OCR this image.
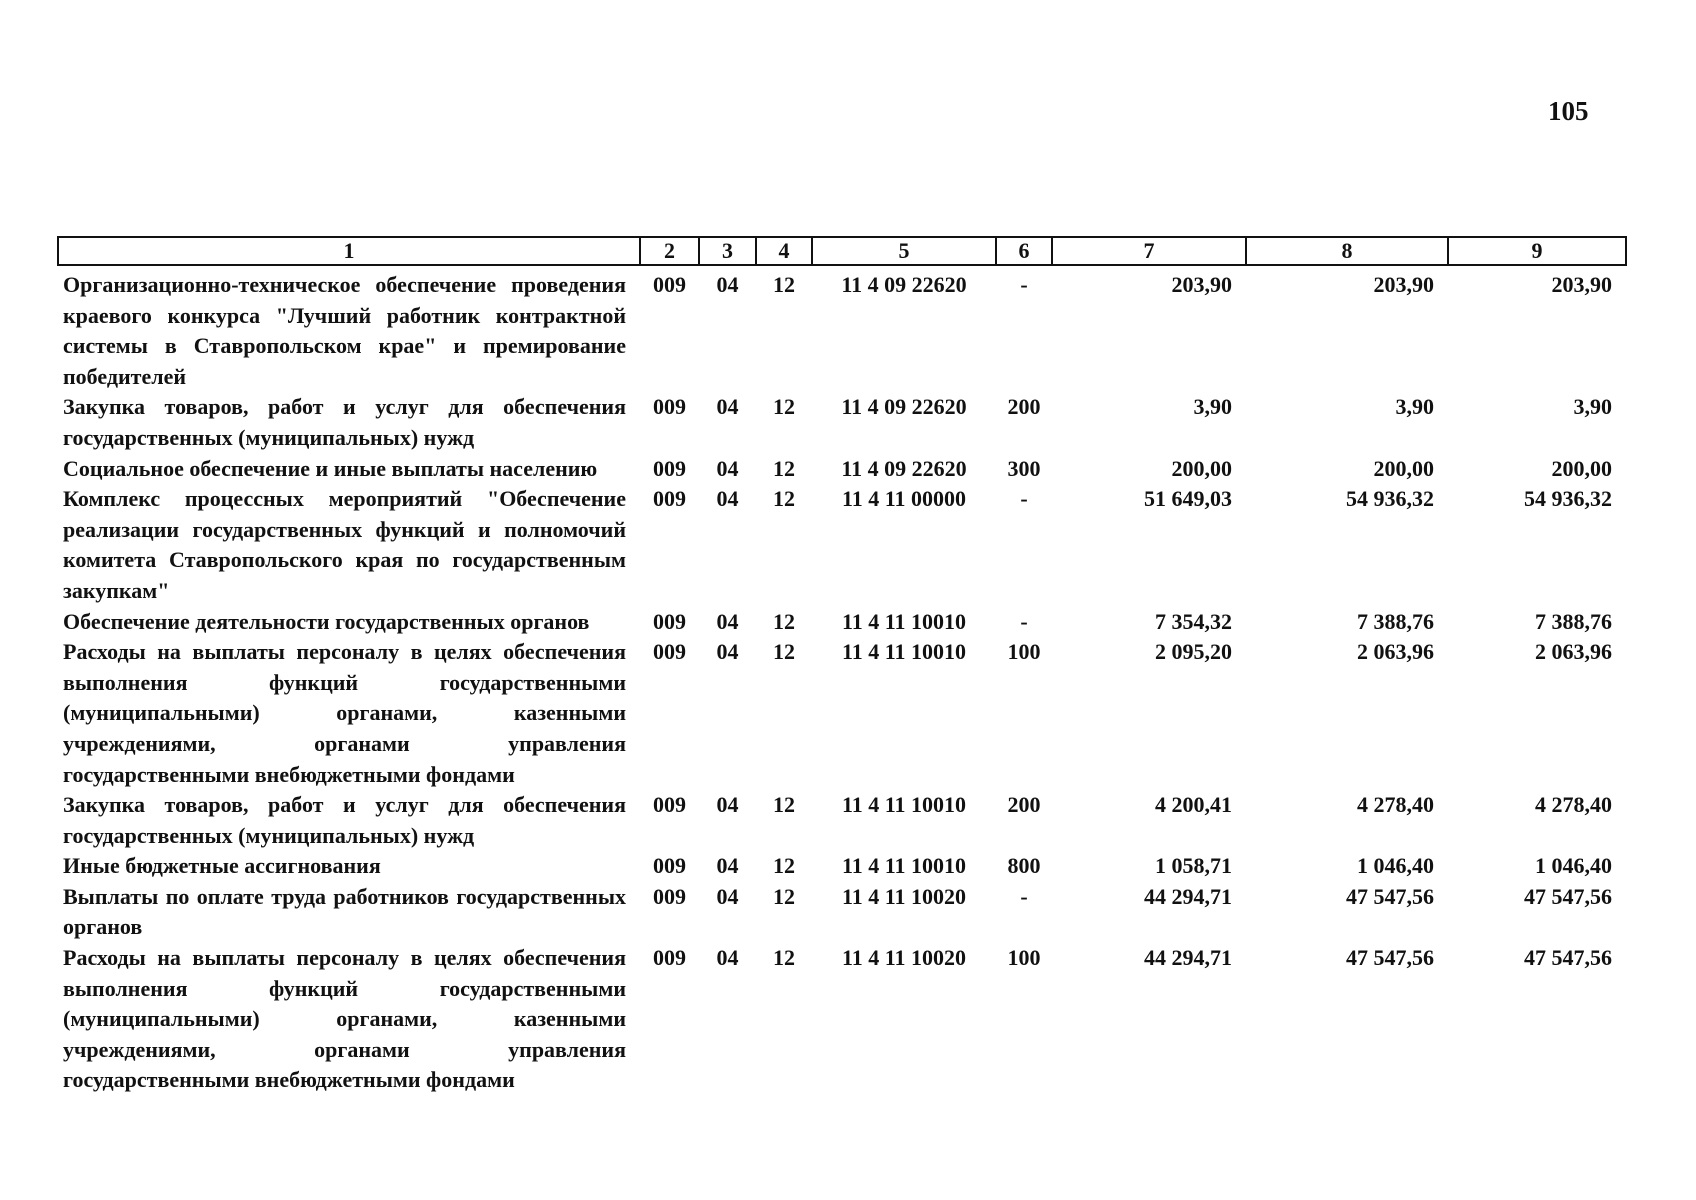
105
1	2	3	4	5	6	7	8	9
Организационно-техническое обеспечение проведения краевого конкурса "Лучший работник контрактной системы в Ставропольском крае" и премирование победителей	009	04	12	11 4 09 22620	-	203,90	203,90	203,90
Закупка товаров, работ и услуг для обеспечения государственных (муниципальных) нужд	009	04	12	11 4 09 22620	200	3,90	3,90	3,90
Социальное обеспечение и иные выплаты населению	009	04	12	11 4 09 22620	300	200,00	200,00	200,00
Комплекс процессных мероприятий "Обеспечение реализации государственных функций и полномочий комитета Ставропольского края по государственным закупкам"	009	04	12	11 4 11 00000	-	51 649,03	54 936,32	54 936,32
Обеспечение деятельности государственных органов	009	04	12	11 4 11 10010	-	7 354,32	7 388,76	7 388,76
Расходы на выплаты персоналу в целях обеспечения выполнения функций государственными (муниципальными) органами, казенными учреждениями, органами управления государственными внебюджетными фондами	009	04	12	11 4 11 10010	100	2 095,20	2 063,96	2 063,96
Закупка товаров, работ и услуг для обеспечения государственных (муниципальных) нужд	009	04	12	11 4 11 10010	200	4 200,41	4 278,40	4 278,40
Иные бюджетные ассигнования	009	04	12	11 4 11 10010	800	1 058,71	1 046,40	1 046,40
Выплаты по оплате труда работников государственных органов	009	04	12	11 4 11 10020	-	44 294,71	47 547,56	47 547,56
Расходы на выплаты персоналу в целях обеспечения выполнения функций государственными (муниципальными) органами, казенными учреждениями, органами управления государственными внебюджетными фондами	009	04	12	11 4 11 10020	100	44 294,71	47 547,56	47 547,56
